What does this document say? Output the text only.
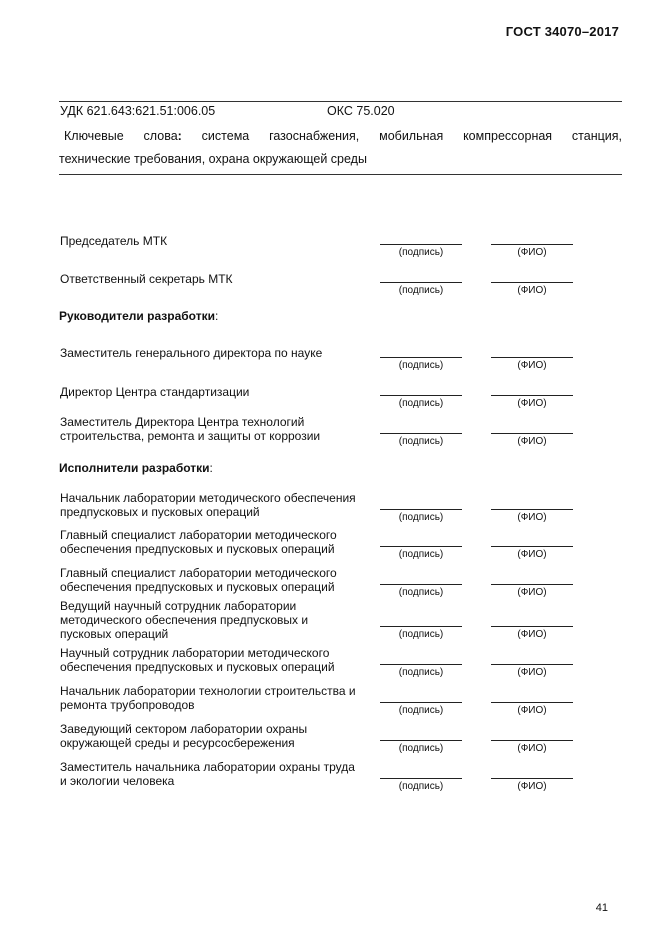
ГОСТ 34070–2017
УДК 621.643:621.51:006.05	ОКС 75.020
Ключевые слова: система газоснабжения, мобильная компрессорная станция,
технические требования, охрана окружающей среды
Председатель МТК
(подпись)	(ФИО)
Ответственный секретарь МТК
(подпись)	(ФИО)
Руководители разработки:
Заместитель генерального директора по науке
(подпись)	(ФИО)
Директор Центра стандартизации
(подпись)	(ФИО)
Заместитель Директора Центра технологий строительства, ремонта и защиты от коррозии	(подпись)	(ФИО)
Исполнители разработки:
Начальник лаборатории методического обеспечения предпусковых и пусковых операций	(подпись)	(ФИО)
Главный специалист лаборатории методического обеспечения предпусковых и пусковых операций	(подпись)	(ФИО)
Главный специалист лаборатории методического обеспечения предпусковых и пусковых операций	(подпись)	(ФИО)
Ведущий научный сотрудник лаборатории методического обеспечения предпусковых и пусковых операций	(подпись)	(ФИО)
Научный сотрудник лаборатории методического обеспечения предпусковых и пусковых операций	(подпись)	(ФИО)
Начальник лаборатории технологии строительства и ремонта трубопроводов	(подпись)	(ФИО)
Заведующий сектором лаборатории охраны окружающей среды и ресурсосбережения	(подпись)	(ФИО)
Заместитель начальника лаборатории охраны труда и экологии человека	(подпись)	(ФИО)
41
